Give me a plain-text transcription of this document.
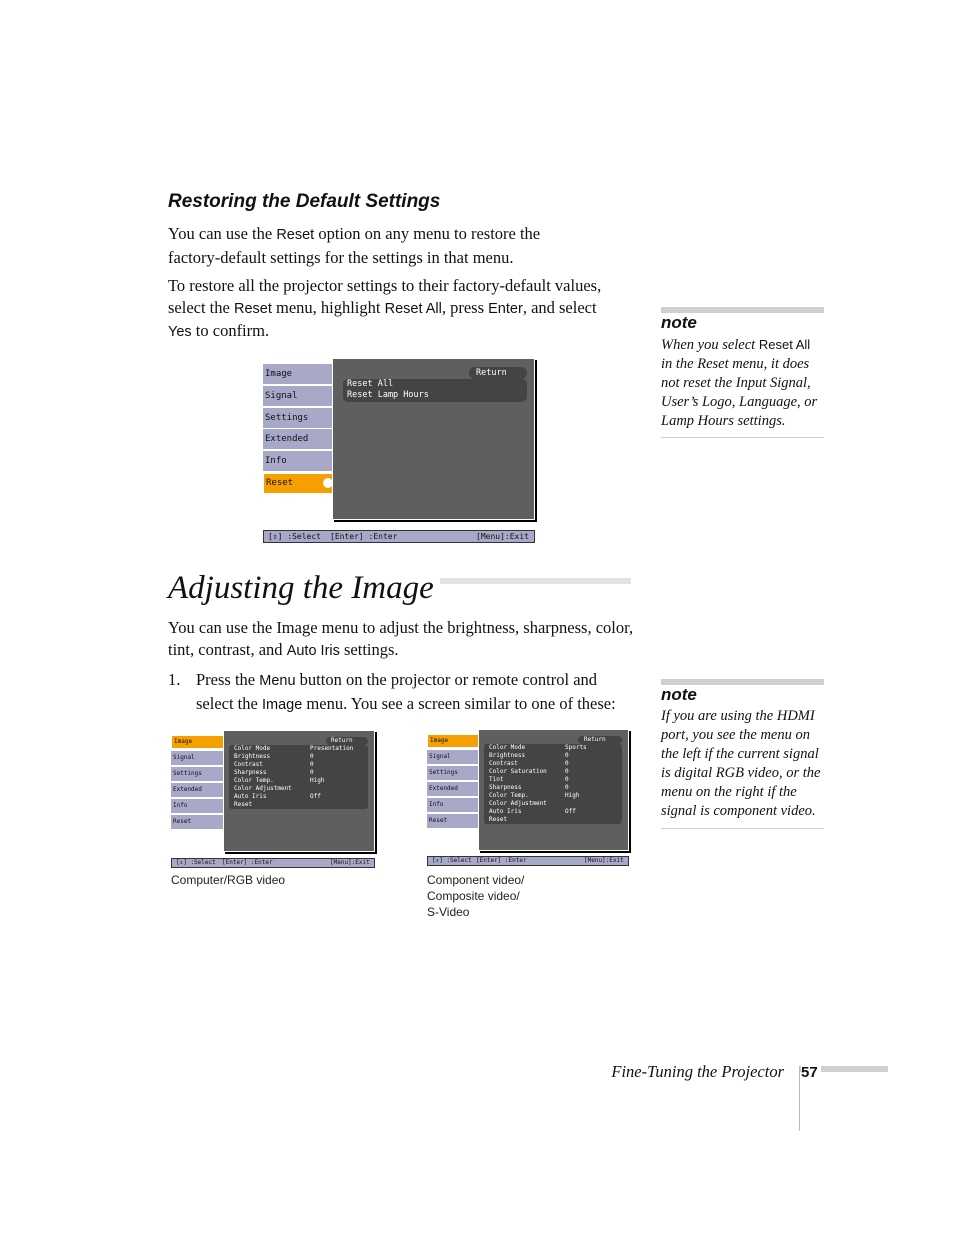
Restoring the Default Settings
You can use the Reset option on any menu to restore the
factory-default settings for the settings in that menu.
To restore all the projector settings to their factory-default values,
select the Reset menu, highlight Reset All, press Enter, and select
Yes to confirm.	note
When you select Reset All
in the Reset menu, it does
not reset the Input Signal,
User’s Logo, Language, or
Lamp Hours settings.
Image
Signal
Settings
Extended
Info
Reset
Return
Reset All
Reset Lamp Hours
[⇕] :Select [Enter] :Enter	[Menu]:Exit
Adjusting the Image
You can use the Image menu to adjust the brightness, sharpness, color,
tint, contrast, and Auto Iris settings.
1. Press the Menu button on the projector or remote control and
select the Image menu. You see a screen similar to one of these:	note
If you are using the HDMI
port, you see the menu on
the left if the current signal
is digital RGB video, or the
menu on the right if the
signal is component video.
Image
Signal
Settings
Extended
Info
Reset
Return
Color Mode	Presentation
Brightness	0
Contrast	0
Sharpness	0
Color Temp.	High
Color Adjustment
Auto Iris	Off
Reset
[⇕] :Select [Enter] :Enter	[Menu]:Exit
Computer/RGB video
Image
Signal
Settings
Extended
Info
Reset
Return
Color Mode	Sports
Brightness	0
Contrast	0
Color Saturation	0
Tint	0
Sharpness	0
Color Temp.	High
Color Adjustment
Auto Iris	Off
Reset
[⇕] :Select [Enter] :Enter	[Menu]:Exit
Component video/
Composite video/
S-Video
Fine-Tuning the Projector 57
